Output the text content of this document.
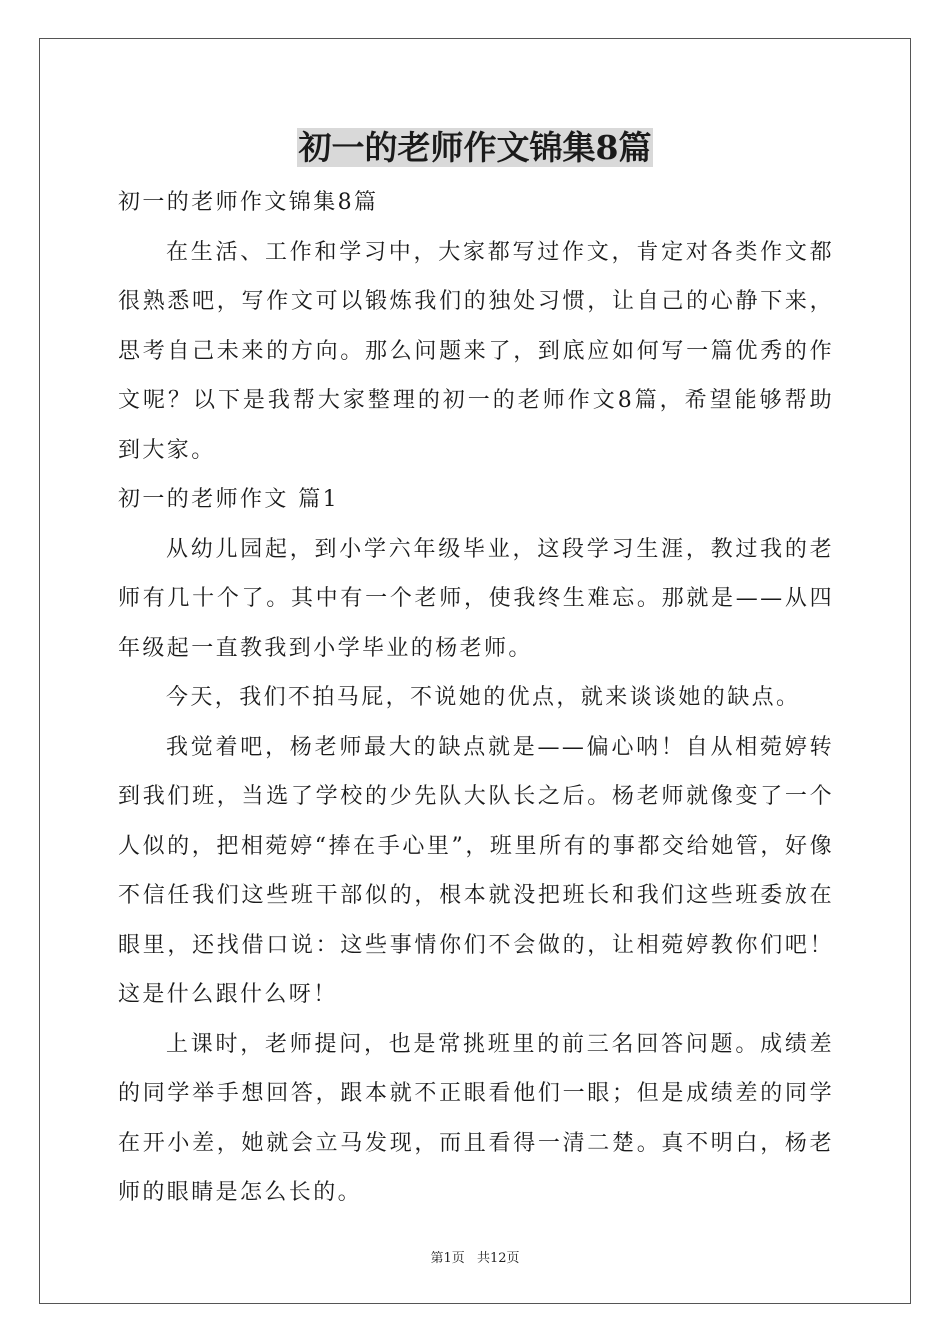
初一的老师作文锦集8篇

初一的老师作文锦集8篇

在生活、工作和学习中，大家都写过作文，肯定对各类作文都很熟悉吧，写作文可以锻炼我们的独处习惯，让自己的心静下来，思考自己未来的方向。那么问题来了，到底应如何写一篇优秀的作文呢？以下是我帮大家整理的初一的老师作文8篇，希望能够帮助到大家。

初一的老师作文 篇1

从幼儿园起，到小学六年级毕业，这段学习生涯，教过我的老师有几十个了。其中有一个老师，使我终生难忘。那就是——从四年级起一直教我到小学毕业的杨老师。

今天，我们不拍马屁，不说她的优点，就来谈谈她的缺点。

我觉着吧，杨老师最大的缺点就是——偏心呐！自从相菀婷转到我们班，当选了学校的少先队大队长之后。杨老师就像变了一个人似的，把相菀婷“捧在手心里”，班里所有的事都交给她管，好像不信任我们这些班干部似的，根本就没把班长和我们这些班委放在眼里，还找借口说：这些事情你们不会做的，让相菀婷教你们吧！这是什么跟什么呀！

上课时，老师提问，也是常挑班里的前三名回答问题。成绩差的同学举手想回答，跟本就不正眼看他们一眼；但是成绩差的同学在开小差，她就会立马发现，而且看得一清二楚。真不明白，杨老师的眼睛是怎么长的。

第1页 共12页
